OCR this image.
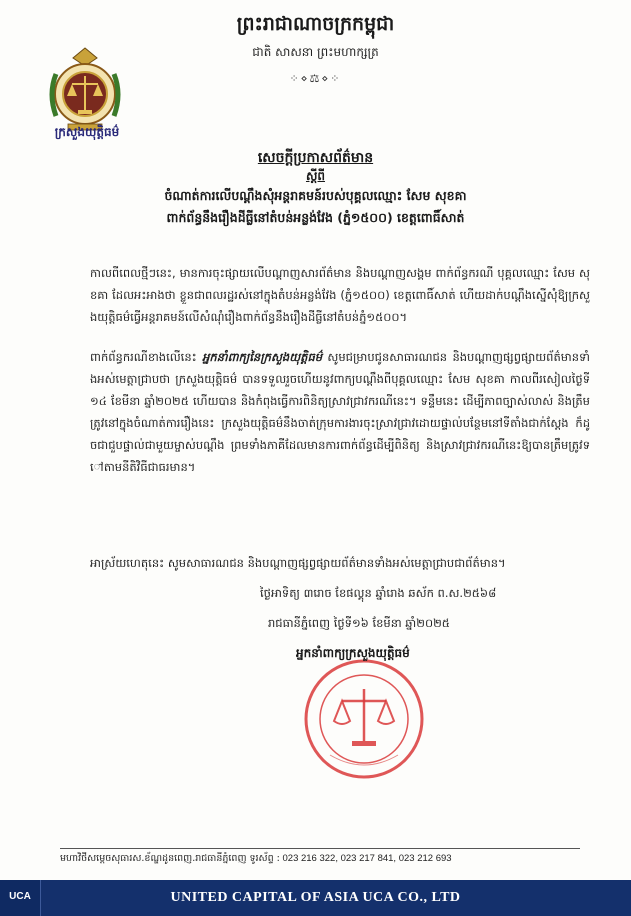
ព្រះរាជាណាចក្រកម្ពុជា
ជាតិ សាសនា ព្រះមហាក្សត្រ
⁘⋄⚖⋄⁘
ក្រសួងយុត្តិធម៌
សេចក្តីប្រកាសព័ត៌មាន
ស្តីពី
ចំណាត់ការលើបណ្តឹងសុំអន្តរាគមន៍របស់បុគ្គលឈ្មោះ សែម សុខគា
ពាក់ព័ន្ធនឹងរឿងដីធ្លីនៅតំបន់អន្លង់វែង (ភ្នំ១៥០០) ខេត្តពោធិ៍សាត់
កាលពីពេលថ្មីៗនេះ, មានការចុះផ្សាយលើបណ្តាញសារព័ត៌មាន និងបណ្តាញសង្គម ពាក់ព័ន្ធករណី បុគ្គលឈ្មោះ សែម សុខគា ដែលអះអាងថា ខ្លួនជាពលរដ្ឋរស់នៅក្នុងតំបន់អន្លង់វែង (ភ្នំ១៥០០) ខេត្តពោធិ៍សាត់ ហើយដាក់បណ្តឹងស្នើសុំឱ្យក្រសួងយុត្តិធម៌ធ្វើអន្តរាគមន៍លើសំណុំរឿងពាក់ព័ន្ធនឹងរឿងដីធ្លីនៅតំបន់ភ្នំ១៥០០។
ពាក់ព័ន្ធករណីខាងលើនេះ អ្នកនាំពាក្យនៃក្រសួងយុត្តិធម៌ សូមជម្រាបជូនសាធារណជន និងបណ្តាញផ្សព្វផ្សាយព័ត៌មានទាំងអស់មេត្តាជ្រាបថា ក្រសួងយុត្តិធម៌ បានទទួលរួចហើយនូវពាក្យបណ្តឹងពីបុគ្គលឈ្មោះ សែម សុខគា កាលពីរសៀលថ្ងៃទី១៤ ខែមីនា ឆ្នាំ២០២៥ ហើយបាន និងកំពុងធ្វើការពិនិត្យស្រាវជ្រាវករណីនេះ។ ទន្ទឹមនេះ ដើម្បីភាពច្បាស់លាស់ និងត្រឹមត្រូវនៅក្នុងចំណាត់ការរឿងនេះ ក្រសួងយុត្តិធម៌នឹងចាត់ក្រុមការងារចុះស្រាវជ្រាវដោយផ្ទាល់បន្ថែមនៅទីតាំងជាក់ស្តែង ក៏ដូចជាជួបផ្ទាល់ជាមួយម្ចាស់បណ្តឹង ព្រមទាំងភាគីដែលមានការពាក់ព័ន្ធដើម្បីពិនិត្យ និងស្រាវជ្រាវករណីនេះឱ្យបានត្រឹមត្រូវទៅតាមនីតិវិធីជាធរមាន។
អាស្រ័យហេតុនេះ សូមសាធារណជន និងបណ្តាញផ្សព្វផ្សាយព័ត៌មានទាំងអស់មេត្តាជ្រាបជាព័ត៌មាន។
ថ្ងៃអាទិត្យ ៣រោច ខែផល្គុន ឆ្នាំរោង ឆស័ក ព.ស.២៥៦៨
រាជធានីភ្នំពេញ ថ្ងៃទី១៦ ខែមីនា ឆ្នាំ២០២៥
អ្នកនាំពាក្យក្រសួងយុត្តិធម៌
មហាវិថីសម្តេចសុធារស.ខ័ណ្ឌដូនពេញ.រាជធានីភ្នំពេញ ទូរស័ព្ទ : 023 216 322, 023 217 841, 023 212 693
UCA	UNITED CAPITAL OF ASIA UCA CO., LTD
